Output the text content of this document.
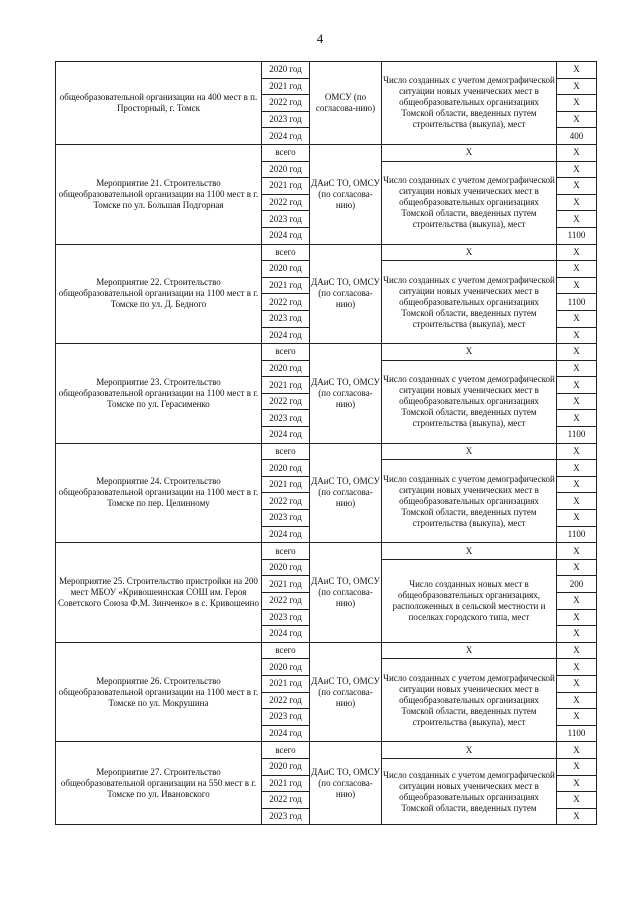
4
общеобразовательной организации на 400 мест в п. Просторный, г. Томск	2020 год	ОМСУ (по согласова-нию)	Число созданных с учетом демографической ситуации новых ученических мест в общеобразовательных организациях Томской области, введенных путем строительства (выкупа), мест	Х
	2021 год			Х
	2022 год			Х
	2023 год			Х
	2024 год			400
Мероприятие 21. Строительство общеобразовательной организации на 1100 мест в г. Томске по ул. Большая Подгорная	всего	ДАиС ТО, ОМСУ (по согласова-нию)	Х	Х
	2020 год		Число созданных с учетом демографической ситуации новых ученических мест в общеобразовательных организациях Томской области, введенных путем строительства (выкупа), мест	Х
	2021 год			Х
	2022 год			Х
	2023 год			Х
	2024 год			1100
Мероприятие 22. Строительство общеобразовательной организации на 1100 мест в г. Томске по ул. Д. Бедного	всего	ДАиС ТО, ОМСУ (по согласова-нию)	Х	Х
	2020 год		Число созданных с учетом демографической ситуации новых ученических мест в общеобразовательных организациях Томской области, введенных путем строительства (выкупа), мест	Х
	2021 год			Х
	2022 год			1100
	2023 год			Х
	2024 год			Х
Мероприятие 23. Строительство общеобразовательной организации на 1100 мест в г. Томске по ул. Герасименко	всего	ДАиС ТО, ОМСУ (по согласова-нию)	Х	Х
	2020 год		Число созданных с учетом демографической ситуации новых ученических мест в общеобразовательных организациях Томской области, введенных путем строительства (выкупа), мест	Х
	2021 год			Х
	2022 год			Х
	2023 год			Х
	2024 год			1100
Мероприятие 24. Строительство общеобразовательной организации на 1100 мест в г. Томске по пер. Целинному	всего	ДАиС ТО, ОМСУ (по согласова-нию)	Х	Х
	2020 год		Число созданных с учетом демографической ситуации новых ученических мест в общеобразовательных организациях Томской области, введенных путем строительства (выкупа), мест	Х
	2021 год			Х
	2022 год			Х
	2023 год			Х
	2024 год			1100
Мероприятие 25. Строительство пристройки на 200 мест МБОУ «Кривошеинская СОШ им. Героя Советского Союза Ф.М. Зинченко» в с. Кривошеино	всего	ДАиС ТО, ОМСУ (по согласова-нию)	Х	Х
	2020 год		Число созданных новых мест в общеобразовательных организациях, расположенных в сельской местности и поселках городского типа, мест	Х
	2021 год			200
	2022 год			Х
	2023 год			Х
	2024 год			Х
Мероприятие 26. Строительство общеобразовательной организации на 1100 мест в г. Томске по ул. Мокрушина	всего	ДАиС ТО, ОМСУ (по согласова-нию)	Х	Х
	2020 год		Число созданных с учетом демографической ситуации новых ученических мест в общеобразовательных организациях Томской области, введенных путем строительства (выкупа), мест	Х
	2021 год			Х
	2022 год			Х
	2023 год			Х
	2024 год			1100
Мероприятие 27. Строительство общеобразовательной организации на 550 мест в г. Томске по ул. Ивановского	всего	ДАиС ТО, ОМСУ (по согласова-нию)	Х	Х
	2020 год		Число созданных с учетом демографической ситуации новых ученических мест в общеобразовательных организациях Томской области, введенных путем	Х
	2021 год			Х
	2022 год			Х
	2023 год			Х
